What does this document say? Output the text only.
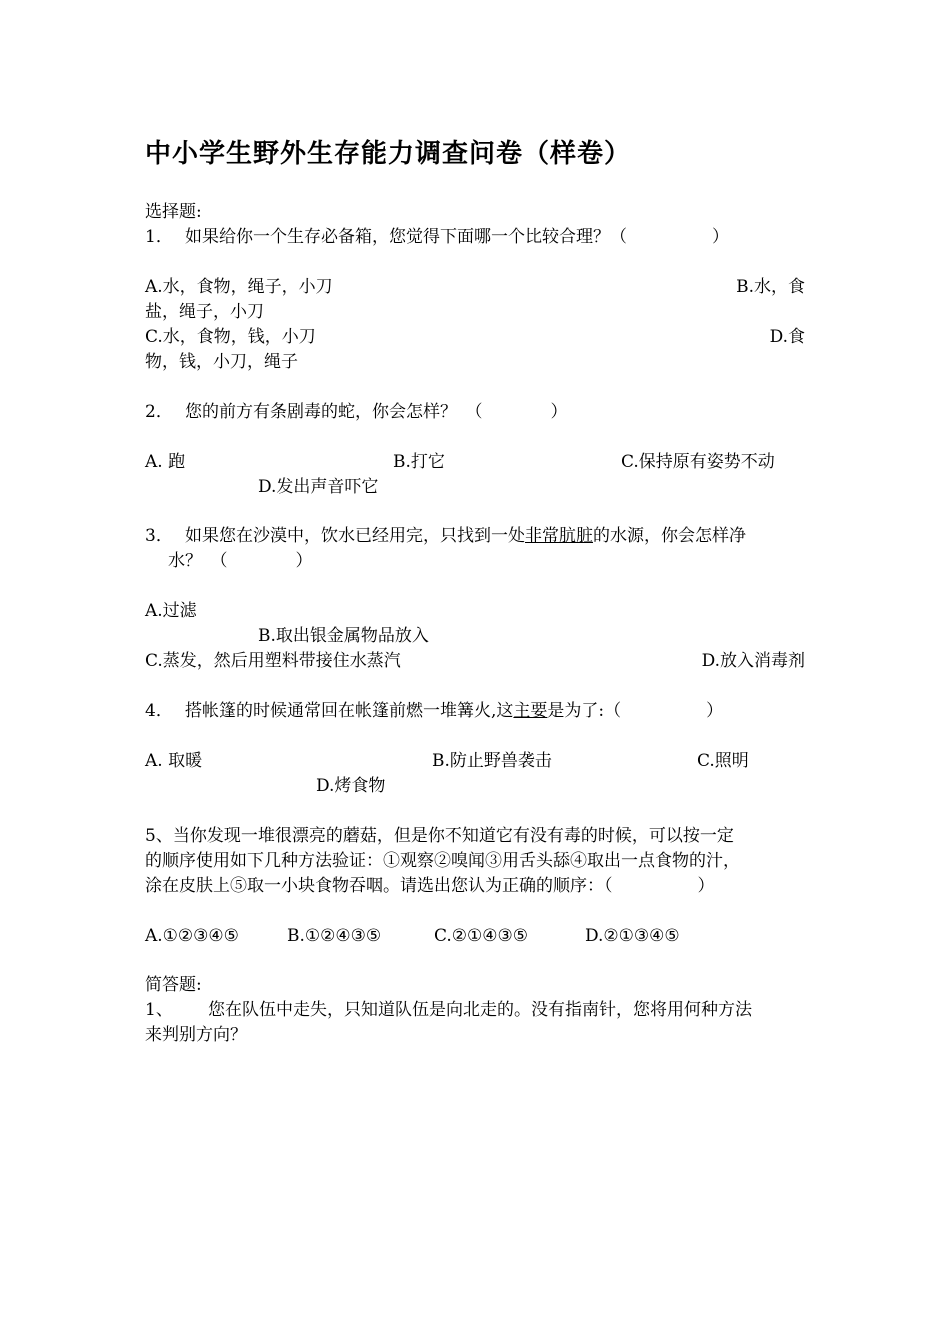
中小学生野外生存能力调查问卷（样卷）
选择题:
1． 如果给你一个生存必备箱，您觉得下面哪一个比较合理？（　　　　　）
A.水，食物，绳子，小刀	B.水，食
盐，绳子，小刀
C.水，食物，钱，小刀	D.食
物，钱，小刀，绳子
2． 您的前方有条剧毒的蛇，你会怎样？　（　　　　）
A. 跑	B.打它	C.保持原有姿势不动
D.发出声音吓它
3． 如果您在沙漠中，饮水已经用完，只找到一处非常肮脏的水源，你会怎样净
水？　（　　　　）
A.过滤
B.取出银金属物品放入
C.蒸发，然后用塑料带接住水蒸汽	D.放入消毒剂
4． 搭帐篷的时候通常回在帐篷前燃一堆篝火,这主要是为了:（　　　　　）
A. 取暖	B.防止野兽袭击	C.照明
D.烤食物
5、当你发现一堆很漂亮的蘑菇，但是你不知道它有没有毒的时候，可以按一定
的顺序使用如下几种方法验证：①观察②嗅闻③用舌头舔④取出一点食物的汁，
涂在皮肤上⑤取一小块食物吞咽。请选出您认为正确的顺序：（　　　　　）
A.①②③④⑤	B.①②④③⑤	C.②①④③⑤	D.②①③④⑤
简答题:
1、 您在队伍中走失，只知道队伍是向北走的。没有指南针，您将用何种方法
来判别方向？
